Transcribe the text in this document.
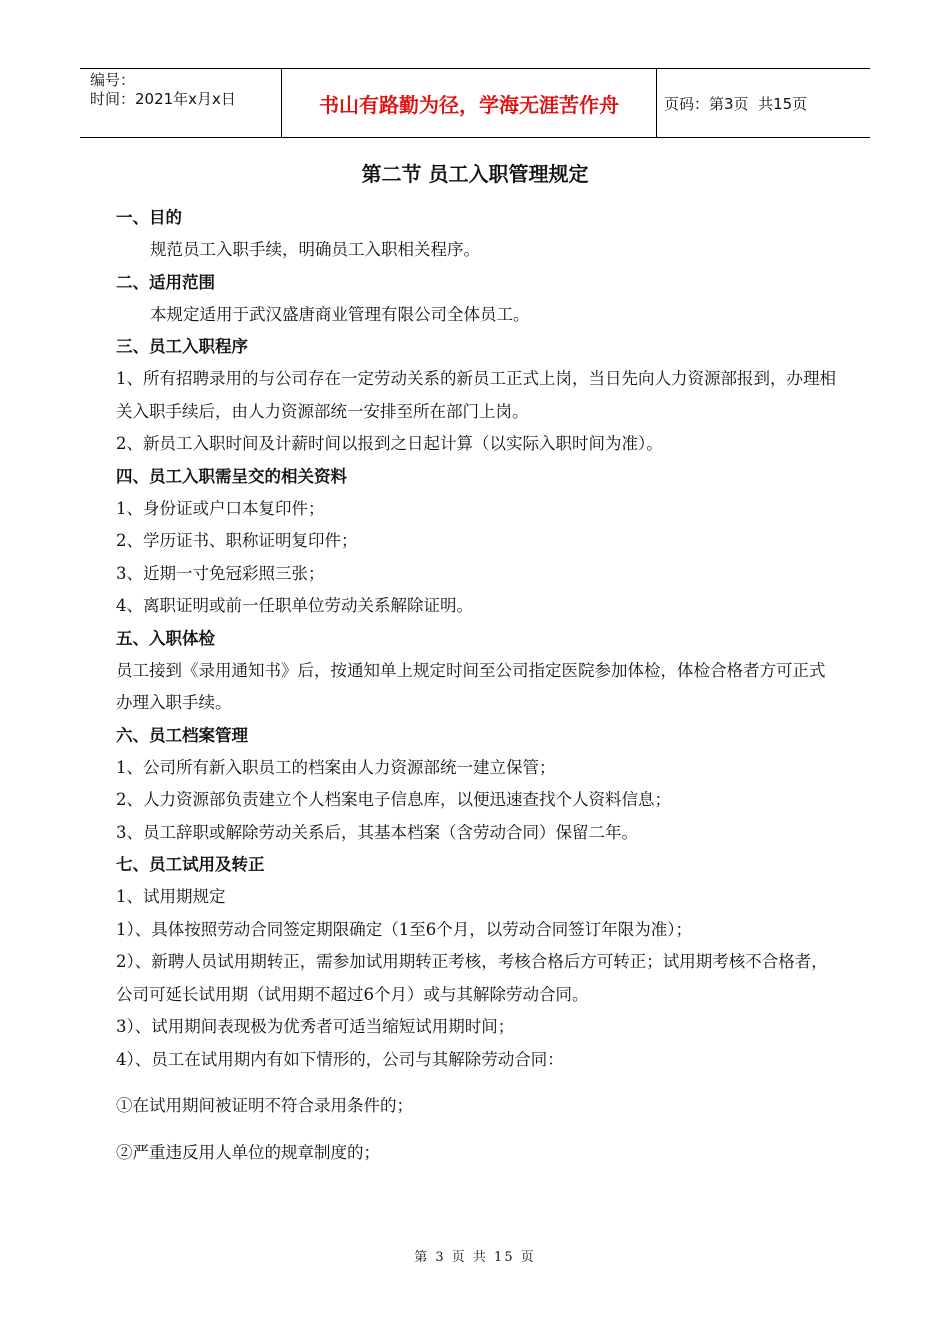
编号：
时间：2021年x月x日	书山有路勤为径，学海无涯苦作舟	页码：第3页  共15页
第二节 员工入职管理规定

一、目的

规范员工入职手续，明确员工入职相关程序。

二、适用范围

本规定适用于武汉盛唐商业管理有限公司全体员工。

三、员工入职程序

1、所有招聘录用的与公司存在一定劳动关系的新员工正式上岗，当日先向人力资源部报到，办理相关入职手续后，由人力资源部统一安排至所在部门上岗。

2、新员工入职时间及计薪时间以报到之日起计算（以实际入职时间为准）。

四、员工入职需呈交的相关资料

1、身份证或户口本复印件；

2、学历证书、职称证明复印件；

3、近期一寸免冠彩照三张；

4、离职证明或前一任职单位劳动关系解除证明。

五、入职体检

员工接到《录用通知书》后，按通知单上规定时间至公司指定医院参加体检，体检合格者方可正式办理入职手续。

六、员工档案管理

1、公司所有新入职员工的档案由人力资源部统一建立保管；

2、人力资源部负责建立个人档案电子信息库，以便迅速查找个人资料信息；

3、员工辞职或解除劳动关系后，其基本档案（含劳动合同）保留二年。

七、员工试用及转正

1、试用期规定

1）、具体按照劳动合同签定期限确定（1至6个月，以劳动合同签订年限为准）；

2）、新聘人员试用期转正，需参加试用期转正考核，考核合格后方可转正；试用期考核不合格者，公司可延长试用期（试用期不超过6个月）或与其解除劳动合同。

3）、试用期间表现极为优秀者可适当缩短试用期时间；

4）、员工在试用期内有如下情形的，公司与其解除劳动合同：

①在试用期间被证明不符合录用条件的；

②严重违反用人单位的规章制度的；

第 3 页 共 15 页
